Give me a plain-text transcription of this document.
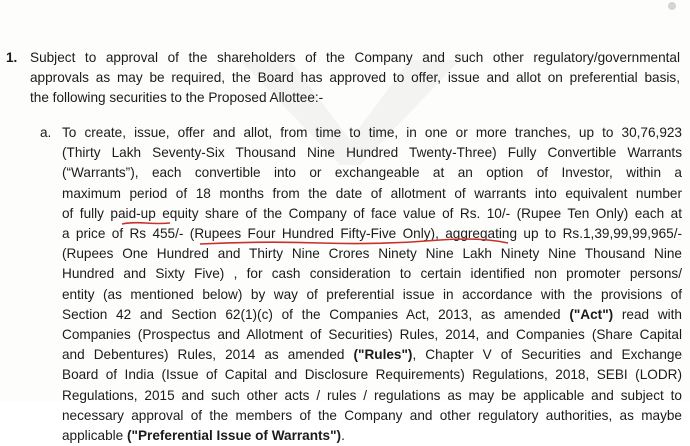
1. Subject to approval of the shareholders of the Company and such other regulatory/governmental
approvals as may be required, the Board has approved to offer, issue and allot on preferential basis,
the following securities to the Proposed Allottee:-
a. To create, issue, offer and allot, from time to time, in one or more tranches, up to 30,76,923
(Thirty Lakh Seventy-Six Thousand Nine Hundred Twenty-Three) Fully Convertible Warrants
(“Warrants”), each convertible into or exchangeable at an option of Investor, within a
maximum period of 18 months from the date of allotment of warrants into equivalent number
of fully paid-up equity share of the Company of face value of Rs. 10/- (Rupee Ten Only) each at
a price of Rs 455/- (Rupees Four Hundred Fifty-Five Only), aggregating up to Rs.1,39,99,99,965/-
(Rupees One Hundred and Thirty Nine Crores Ninety Nine Lakh Ninety Nine Thousand Nine
Hundred and Sixty Five) , for cash consideration to certain identified non promoter persons/
entity (as mentioned below) by way of preferential issue in accordance with the provisions of
Section 42 and Section 62(1)(c) of the Companies Act, 2013, as amended ("Act") read with
Companies (Prospectus and Allotment of Securities) Rules, 2014, and Companies (Share Capital
and Debentures) Rules, 2014 as amended ("Rules"), Chapter V of Securities and Exchange
Board of India (Issue of Capital and Disclosure Requirements) Regulations, 2018, SEBI (LODR)
Regulations, 2015 and such other acts / rules / regulations as may be applicable and subject to
necessary approval of the members of the Company and other regulatory authorities, as maybe
applicable ("Preferential Issue of Warrants").
